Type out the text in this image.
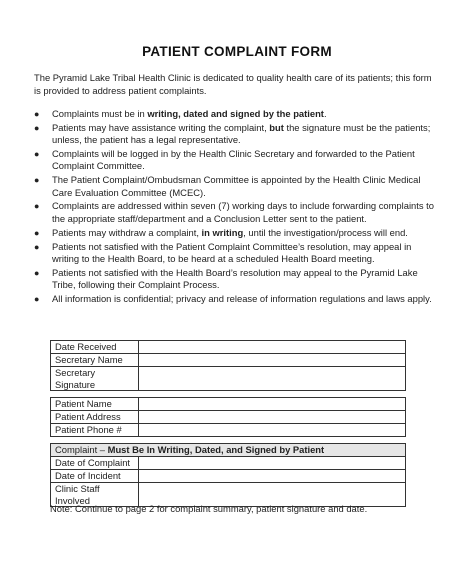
PATIENT COMPLAINT FORM
The Pyramid Lake Tribal Health Clinic is dedicated to quality health care of its patients; this form is provided to address patient complaints.
● Complaints must be in writing, dated and signed by the patient.
● Patients may have assistance writing the complaint, but the signature must be the patients; unless, the patient has a legal representative.
● Complaints will be logged in by the Health Clinic Secretary and forwarded to the Patient Complaint Committee.
● The Patient Complaint/Ombudsman Committee is appointed by the Health Clinic Medical Care Evaluation Committee (MCEC).
● Complaints are addressed within seven (7) working days to include forwarding complaints to the appropriate staff/department and a Conclusion Letter sent to the patient.
● Patients may withdraw a complaint, in writing, until the investigation/process will end.
● Patients not satisfied with the Patient Complaint Committee’s resolution, may appeal in writing to the Health Board, to be heard at a scheduled Health Board meeting.
● Patients not satisfied with the Health Board’s resolution may appeal to the Pyramid Lake Tribe, following their Complaint Process.
● All information is confidential; privacy and release of information regulations and laws apply.
Date Received	
Secretary Name	
Secretary Signature	
Patient Name	
Patient Address	
Patient Phone #	
Complaint – Must Be In Writing, Dated, and Signed by Patient	
Date of Complaint	
Date of Incident	
Clinic Staff Involved	
Note: Continue to page 2 for complaint summary, patient signature and date.
